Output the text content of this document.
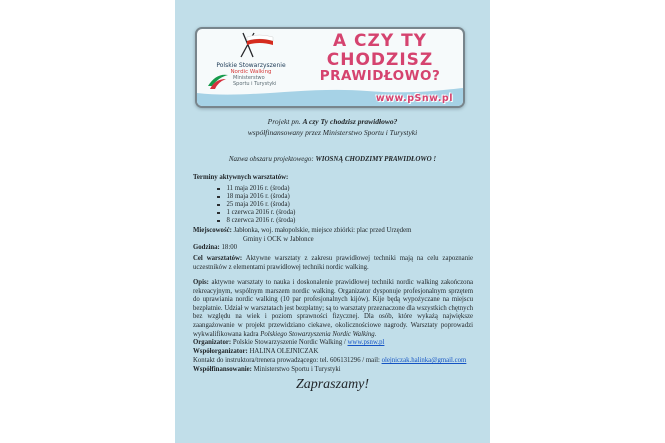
Polskie Stowarzyszenie
Nordic Walking
Ministerstwo
Sportu i Turystyki
A CZY TY
CHODZISZ
PRAWIDŁOWO?
www.pSnw.pl
Projekt pn. A czy Ty chodzisz prawidłowo?
współfinansowany przez Ministerstwo Sportu i Turystyki
Nazwa obszaru projektowego: WIOSNĄ CHODZIMY PRAWIDŁOWO !
Terminy aktywnych warsztatów:
11 maja 2016 r. (środa)
18 maja 2016 r. (środa)
25 maja 2016 r. (środa)
1 czerwca 2016 r. (środa)
8 czerwca 2016 r. (środa)
Miejscowość: Jabłonka, woj. małopolskie, miejsce zbiórki: plac przed Urzędem
Gminy i OCK w Jabłonce
Godzina: 18:00
Cel warsztatów: Aktywne warsztaty z zakresu prawidłowej techniki mają na celu zapoznanie uczestników z elementami prawidłowej techniki nordic walking.
Opis: aktywne warsztaty to nauka i doskonalenie prawidłowej techniki nordic walking zakończona rekreacyjnym, wspólnym marszem nordic walking. Organizator dysponuje profesjonalnym sprzętem do uprawiania nordic walking (10 par profesjonalnych kijów). Kije będą wypożyczane na miejscu bezpłatnie. Udział w warsztatach jest bezpłatny; są to warsztaty przeznaczone dla wszystkich chętnych bez względu na wiek i poziom sprawności fizycznej. Dla osób, które wykażą największe zaangażowanie w projekt przewidziano ciekawe, okolicznościowe nagrody. Warsztaty poprowadzi wykwalifikowana kadra Polskiego Stowarzyszenia Nordic Walking.
Organizator: Polskie Stowarzyszenie Nordic Walking / www.psnw.pl
Współorganizator: HALINA OLEJNICZAK
Kontakt do instruktora/trenera prowadzącego: tel. 606131296 / mail: olejniczak.halinka@gmail.com
Współfinansowanie: Ministerstwo Sportu i Turystyki
Zapraszamy!
